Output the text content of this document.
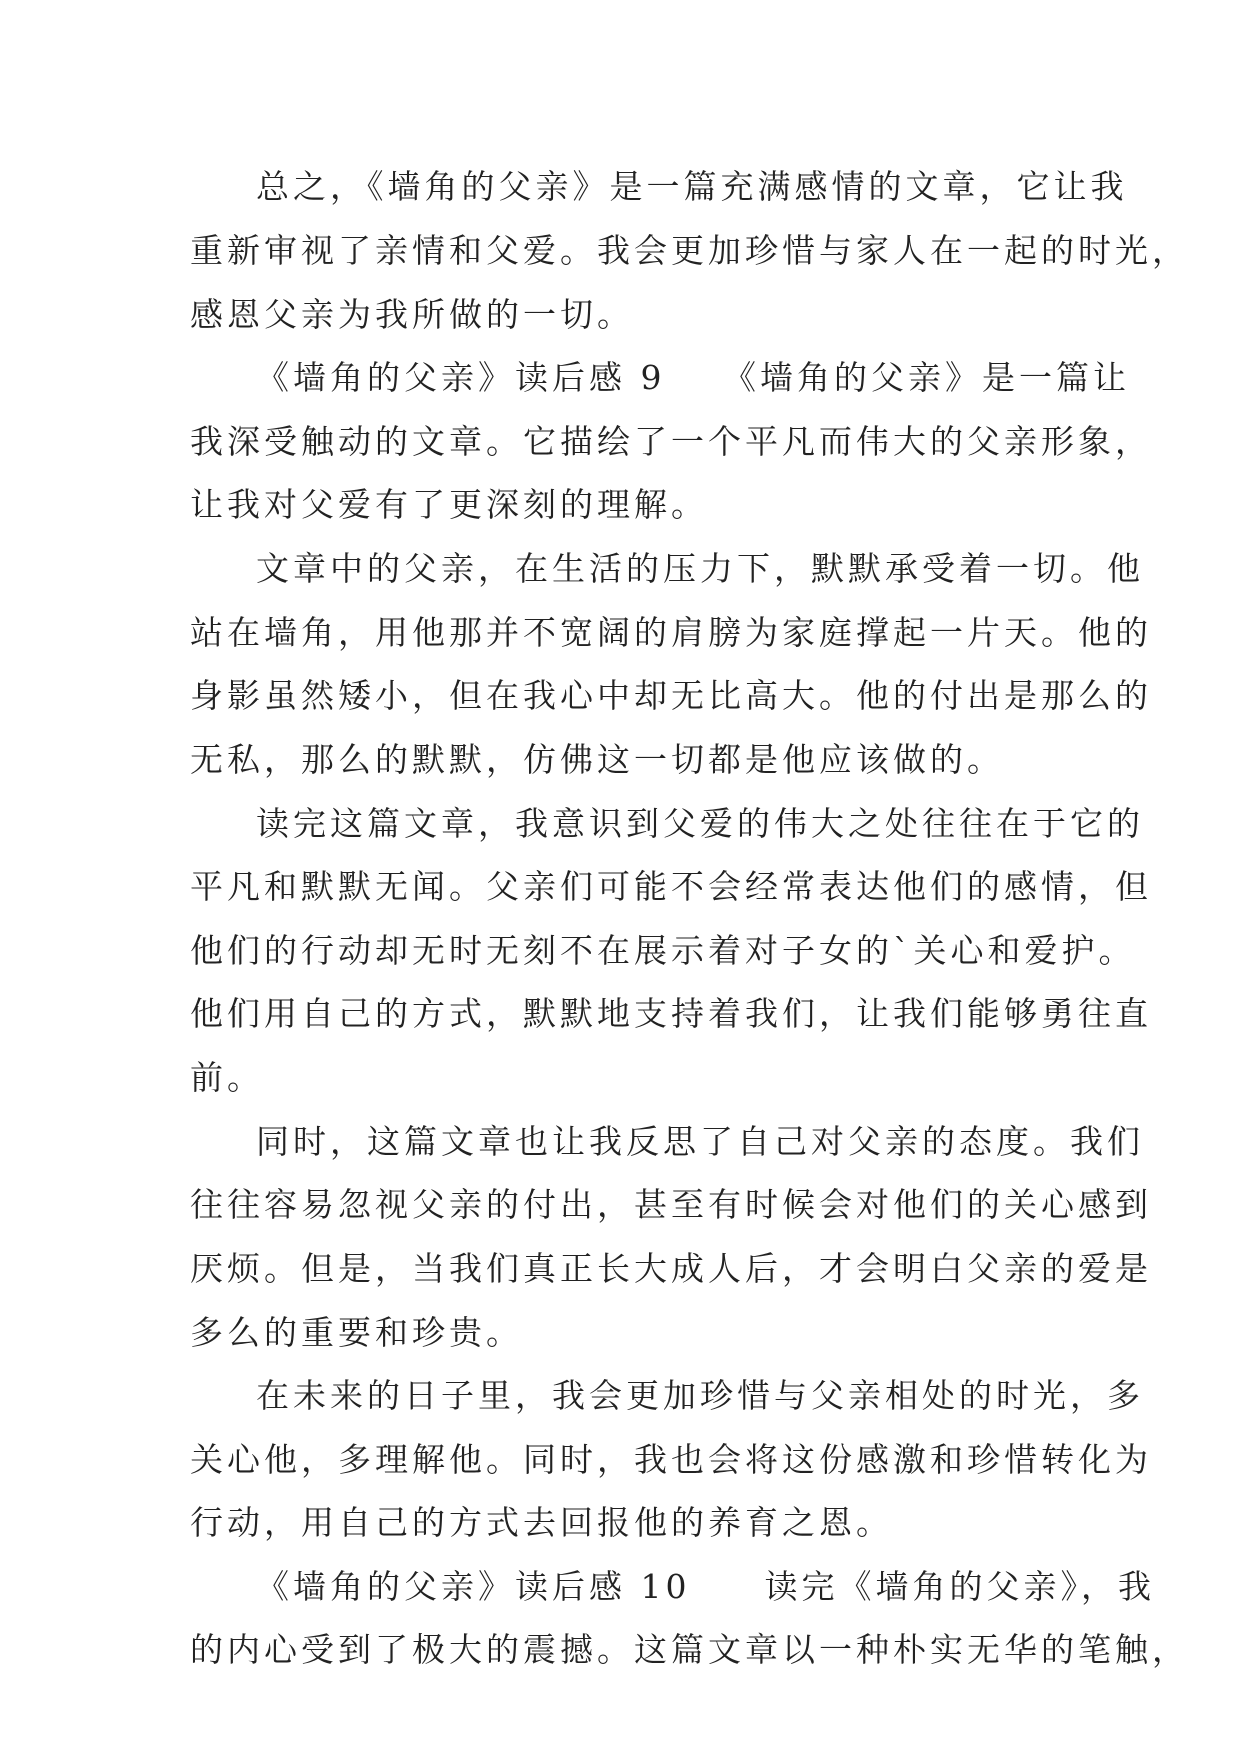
总之，《墙角的父亲》是一篇充满感情的文章，它让我
重新审视了亲情和父爱。我会更加珍惜与家人在一起的时光，
感恩父亲为我所做的一切。
《墙角的父亲》读后感 9　　《墙角的父亲》是一篇让
我深受触动的文章。它描绘了一个平凡而伟大的父亲形象，
让我对父爱有了更深刻的理解。
文章中的父亲，在生活的压力下，默默承受着一切。他
站在墙角，用他那并不宽阔的肩膀为家庭撑起一片天。他的
身影虽然矮小，但在我心中却无比高大。他的付出是那么的
无私，那么的默默，仿佛这一切都是他应该做的。
读完这篇文章，我意识到父爱的伟大之处往往在于它的
平凡和默默无闻。父亲们可能不会经常表达他们的感情，但
他们的行动却无时无刻不在展示着对子女的`关心和爱护。
他们用自己的方式，默默地支持着我们，让我们能够勇往直
前。
同时，这篇文章也让我反思了自己对父亲的态度。我们
往往容易忽视父亲的付出，甚至有时候会对他们的关心感到
厌烦。但是，当我们真正长大成人后，才会明白父亲的爱是
多么的重要和珍贵。
在未来的日子里，我会更加珍惜与父亲相处的时光，多
关心他，多理解他。同时，我也会将这份感激和珍惜转化为
行动，用自己的方式去回报他的养育之恩。
《墙角的父亲》读后感 10　　读完《墙角的父亲》，我
的内心受到了极大的震撼。这篇文章以一种朴实无华的笔触，
